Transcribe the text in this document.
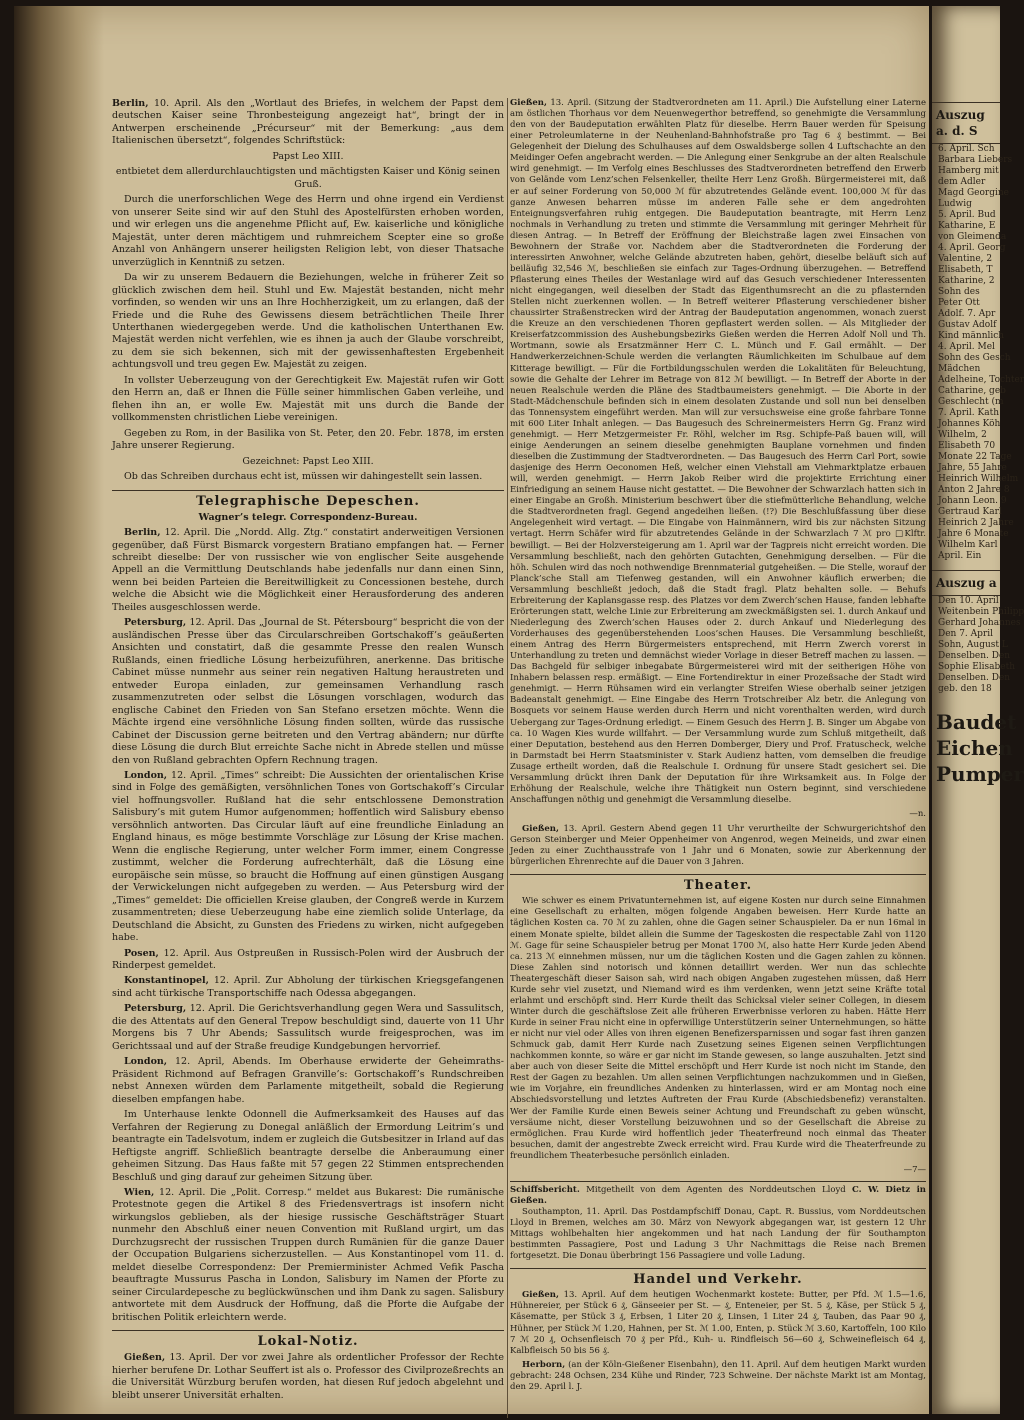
Berlin, 10. April. Als den „Wortlaut des Briefes, in welchem der Papst dem deutschen Kaiser seine Thronbesteigung angezeigt hat“, bringt der in Antwerpen erscheinende „Précurseur“ mit der Bemerkung: „aus dem Italienischen übersetzt“, folgendes Schriftstück:

Papst Leo XIII.

entbietet dem allerdurchlauchtigsten und mächtigsten Kaiser und König seinen Gruß.

Durch die unerforschlichen Wege des Herrn und ohne irgend ein Verdienst von unserer Seite sind wir auf den Stuhl des Apostelfürsten erhoben worden, und wir erlegen uns die angenehme Pflicht auf, Ew. kaiserliche und königliche Majestät, unter deren mächtigem und ruhmreichem Scepter eine so große Anzahl von Anhängern unserer heiligsten Religion lebt, von dieser Thatsache unverzüglich in Kenntniß zu setzen.

Da wir zu unserem Bedauern die Beziehungen, welche in früherer Zeit so glücklich zwischen dem heil. Stuhl und Ew. Majestät bestanden, nicht mehr vorfinden, so wenden wir uns an Ihre Hochherzigkeit, um zu erlangen, daß der Friede und die Ruhe des Gewissens diesem beträchtlichen Theile Ihrer Unterthanen wiedergegeben werde. Und die katholischen Unterthanen Ew. Majestät werden nicht verfehlen, wie es ihnen ja auch der Glaube vorschreibt, zu dem sie sich bekennen, sich mit der gewissenhaftesten Ergebenheit achtungsvoll und treu gegen Ew. Majestät zu zeigen.

In vollster Ueberzeugung von der Gerechtigkeit Ew. Majestät rufen wir Gott den Herrn an, daß er Ihnen die Fülle seiner himmlischen Gaben verleihe, und flehen ihn an, er wolle Ew. Majestät mit uns durch die Bande der vollkommensten christlichen Liebe vereinigen.

Gegeben zu Rom, in der Basilika von St. Peter, den 20. Febr. 1878, im ersten Jahre unserer Regierung.

Gezeichnet: Papst Leo XIII.

Ob das Schreiben durchaus echt ist, müssen wir dahingestellt sein lassen.

Telegraphische Depeschen.
Wagner’s telegr. Correspondenz-Bureau.

Berlin, 12. April. Die „Nordd. Allg. Ztg.“ constatirt anderweitigen Versionen gegenüber, daß Fürst Bismarck vorgestern Bratiano empfangen hat. — Ferner schreibt dieselbe: Der von russischer wie von englischer Seite ausgehende Appell an die Vermittlung Deutschlands habe jedenfalls nur dann einen Sinn, wenn bei beiden Parteien die Bereitwilligkeit zu Concessionen bestehe, durch welche die Absicht wie die Möglichkeit einer Herausforderung des anderen Theiles ausgeschlossen werde.

Petersburg, 12. April. Das „Journal de St. Pétersbourg“ bespricht die von der ausländischen Presse über das Circularschreiben Gortschakoff’s geäußerten Ansichten und constatirt, daß die gesammte Presse den realen Wunsch Rußlands, einen friedliche Lösung herbeizuführen, anerkenne. Das britische Cabinet müsse nunmehr aus seiner rein negativen Haltung heraustreten und entweder Europa einladen, zur gemeinsamen Verhandlung rasch zusammenzutreten oder selbst die Lösungen vorschlagen, wodurch das englische Cabinet den Frieden von San Stefano ersetzen möchte. Wenn die Mächte irgend eine versöhnliche Lösung finden sollten, würde das russische Cabinet der Discussion gerne beitreten und den Vertrag abändern; nur dürfte diese Lösung die durch Blut erreichte Sache nicht in Abrede stellen und müsse den von Rußland gebrachten Opfern Rechnung tragen.

London, 12. April. „Times“ schreibt: Die Aussichten der orientalischen Krise sind in Folge des gemäßigten, versöhnlichen Tones von Gortschakoff’s Circular viel hoffnungsvoller. Rußland hat die sehr entschlossene Demonstration Salisbury’s mit gutem Humor aufgenommen; hoffentlich wird Salisbury ebenso versöhnlich antworten. Das Circular läuft auf eine freundliche Einladung an England hinaus, es möge bestimmte Vorschläge zur Lösung der Krise machen. Wenn die englische Regierung, unter welcher Form immer, einem Congresse zustimmt, welcher die Forderung aufrechterhält, daß die Lösung eine europäische sein müsse, so braucht die Hoffnung auf einen günstigen Ausgang der Verwickelungen nicht aufgegeben zu werden. — Aus Petersburg wird der „Times“ gemeldet: Die officiellen Kreise glauben, der Congreß werde in Kurzem zusammentreten; diese Ueberzeugung habe eine ziemlich solide Unterlage, da Deutschland die Absicht, zu Gunsten des Friedens zu wirken, nicht aufgegeben habe.

Posen, 12. April. Aus Ostpreußen in Russisch-Polen wird der Ausbruch der Rinderpest gemeldet.

Konstantinopel, 12. April. Zur Abholung der türkischen Kriegsgefangenen sind acht türkische Transportschiffe nach Odessa abgegangen.

Petersburg, 12. April. Die Gerichtsverhandlung gegen Wera und Sassulitsch, die des Attentats auf den General Trepow beschuldigt sind, dauerte von 11 Uhr Morgens bis 7 Uhr Abends; Sassulitsch wurde freigesprochen, was im Gerichtssaal und auf der Straße freudige Kundgebungen hervorrief.

London, 12. April, Abends. Im Oberhause erwiderte der Geheimraths-Präsident Richmond auf Befragen Granville’s: Gortschakoff’s Rundschreiben nebst Annexen würden dem Parlamente mitgetheilt, sobald die Regierung dieselben empfangen habe.

Im Unterhause lenkte Odonnell die Aufmerksamkeit des Hauses auf das Verfahren der Regierung zu Donegal anläßlich der Ermordung Leitrim’s und beantragte ein Tadelsvotum, indem er zugleich die Gutsbesitzer in Irland auf das Heftigste angriff. Schließlich beantragte derselbe die Anberaumung einer geheimen Sitzung. Das Haus faßte mit 57 gegen 22 Stimmen entsprechenden Beschluß und ging darauf zur geheimen Sitzung über.

Wien, 12. April. Die „Polit. Corresp.“ meldet aus Bukarest: Die rumänische Protestnote gegen die Artikel 8 des Friedensvertrags ist insofern nicht wirkungslos geblieben, als der hiesige russische Geschäftsträger Stuart nunmehr den Abschluß einer neuen Convention mit Rußland urgirt, um das Durchzugsrecht der russischen Truppen durch Rumänien für die ganze Dauer der Occupation Bulgariens sicherzustellen. — Aus Konstantinopel vom 11. d. meldet dieselbe Correspondenz: Der Premierminister Achmed Vefik Pascha beauftragte Mussurus Pascha in London, Salisbury im Namen der Pforte zu seiner Circulardepesche zu beglückwünschen und ihm Dank zu sagen. Salisbury antwortete mit dem Ausdruck der Hoffnung, daß die Pforte die Aufgabe der britischen Politik erleichtern werde.

Lokal-Notiz.

Gießen, 13. April. Der vor zwei Jahre als ordentlicher Professor der Rechte hierher berufene Dr. Lothar Seuffert ist als o. Professor des Civilprozeßrechts an die Universität Würzburg berufen worden, hat diesen Ruf jedoch abgelehnt und bleibt unserer Universität erhalten.

Gießen, 13. April. (Sitzung der Stadtverordneten am 11. April.) Die Aufstellung einer Laterne am östlichen Thorhaus vor dem Neuenwegerthor betreffend, so genehmigte die Versammlung den von der Baudeputation erwählten Platz für dieselbe. Herrn Bauer werden für Speisung einer Petroleumlaterne in der Neuhenland-Bahnhofstraße pro Tag 6 ₰ bestimmt. — Bei Gelegenheit der Dielung des Schulhauses auf dem Oswaldsberge sollen 4 Luftschachte an den Meidinger Oefen angebracht werden. — Die Anlegung einer Senkgrube an der alten Realschule wird genehmigt. — Im Verfolg eines Beschlusses des Stadtverordneten betreffend den Erwerb von Gelände vom Lenz’schen Felsenkeller, theilte Herr Lenz Großh. Bürgermeisterei mit, daß er auf seiner Forderung von 50,000 ℳ für abzutretendes Gelände event. 100,000 ℳ für das ganze Anwesen beharren müsse im anderen Falle sehe er dem angedrohten Enteignungsverfahren ruhig entgegen. Die Baudeputation beantragte, mit Herrn Lenz nochmals in Verhandlung zu treten und stimmte die Versammlung mit geringer Mehrheit für diesen Antrag. — In Betreff der Eröffnung der Bleichstraße lagen zwei Einsachen von Bewohnern der Straße vor. Nachdem aber die Stadtverordneten die Forderung der interessirten Anwohner, welche Gelände abzutreten haben, gehört, dieselbe beläuft sich auf beiläufig 32,546 ℳ, beschließen sie einfach zur Tages-Ordnung überzugehen. — Betreffend Pflasterung eines Theiles der Westanlage wird auf das Gesuch verschiedener Interessenten nicht eingegangen, weil dieselben der Stadt das Eigenthumsrecht an die zu pflasternden Stellen nicht zuerkennen wollen. — In Betreff weiterer Pflasterung verschiedener bisher chaussirter Straßenstrecken wird der Antrag der Baudeputation angenommen, wonach zuerst die Kreuze an den verschiedenen Thoren gepflastert werden sollen. — Als Mitglieder der Kreiserfatzcommission des Aushebungsbezirks Gießen werden die Herren Adolf Noll und Th. Wortmann, sowie als Ersatzmänner Herr C. L. Münch und F. Gail ermählt. — Der Handwerkerzeichnen-Schule werden die verlangten Räumlichkeiten im Schulbaue auf dem Kitterage bewilligt. — Für die Fortbildungsschulen werden die Lokalitäten für Beleuchtung, sowie die Gehalte der Lehrer im Betrage von 812 ℳ bewilligt. — In Betreff der Aborte in der neuen Realschule werden die Pläne des Stadtbaumeisters genehmigt. — Die Aborte in der Stadt-Mädchenschule befinden sich in einem desolaten Zustande und soll nun bei denselben das Tonnensystem eingeführt werden. Man will zur versuchsweise eine große fahrbare Tonne mit 600 Liter Inhalt anlegen. — Das Baugesuch des Schreinermeisters Herrn Gg. Franz wird genehmigt. — Herr Metzgermeister Fr. Röhl, welcher im Rsg. Schipfe-Paß bauen will, will einige Aenderungen an seinem dieselbe genehmigten Bauplane vornehmen und finden dieselben die Zustimmung der Stadtverordneten. — Das Baugesuch des Herrn Carl Port, sowie dasjenige des Herrn Oeconomen Heß, welcher einen Viehstall am Viehmarktplatze erbauen will, werden genehmigt. — Herrn Jakob Reiber wird die projektirte Errichtung einer Einfriedigung an seinem Hause nicht gestattet. — Die Bewohner der Schwarzlach hatten sich in einer Eingabe an Großh. Ministerium beschwert über die stiefmütterliche Behandlung, welche die Stadtverordneten fragl. Gegend angedeihen ließen. (!?) Die Beschlußfassung über diese Angelegenheit wird vertagt. — Die Eingabe von Hainmännern, wird bis zur nächsten Sitzung vertagt. Herrn Schäfer wird für abzutretendes Gelände in der Schwarzlach 7 ℳ pro □Klftr. bewilligt. — Bei der Holzversteigerung am 1. April war der Tagpreis nicht erreicht worden. Die Versammlung beschließt, nach den gehörten Gutachten, Genehmigung derselben. — Für die höh. Schulen wird das noch nothwendige Brennmaterial gutgeheißen. — Die Stelle, worauf der Planck’sche Stall am Tiefenweg gestanden, will ein Anwohner käuflich erwerben; die Versammlung beschließt jedoch, daß die Stadt fragl. Platz behalten solle. — Behufs Erbreiterung der Kaplansgasse resp. des Platzes vor dem Zwerch’schen Hause, fanden lebhafte Erörterungen statt, welche Linie zur Erbreiterung am zweckmäßigsten sei. 1. durch Ankauf und Niederlegung des Zwerch’schen Hauses oder 2. durch Ankauf und Niederlegung des Vorderhauses des gegenüberstehenden Loos’schen Hauses. Die Versammlung beschließt, einem Antrag des Herrn Bürgermeisters entsprechend, mit Herrn Zwerch vorerst in Unterhandlung zu treten und demnächst wieder Vorlage in dieser Betreff machen zu lassen. — Das Bachgeld für selbiger inbegabate Bürgermeisterei wird mit der seitherigen Höhe von Inhabern belassen resp. ermäßigt. — Eine Fortendirektur in einer Prozeßsache der Stadt wird genehmigt. — Herrn Rühsamen wird ein verlangter Streifen Wiese oberhalb seiner jetzigen Badeanstalt genehmigt. — Eine Eingabe des Herrn Trotschreiber Alz betr. die Anlegung von Bosquets vor seinem Hause werden durch Herrn und nicht vorenthalten werden, wird durch Uebergang zur Tages-Ordnung erledigt. — Einem Gesuch des Herrn J. B. Singer um Abgabe von ca. 10 Wagen Kies wurde willfahrt. — Der Versammlung wurde zum Schluß mitgetheilt, daß einer Deputation, bestehend aus den Herren Domberger, Diery und Prof. Fratuscheck, welche in Darmstadt bei Herrn Staatsminister v. Stark Audienz hatten, vom demselben die freudige Zusage ertheilt worden, daß die Realschule I. Ordnung für unsere Stadt gesichert sei. Die Versammlung drückt ihren Dank der Deputation für ihre Wirksamkeit aus. In Folge der Erhöhung der Realschule, welche ihre Thätigkeit nun Ostern beginnt, sind verschiedene Anschaffungen nöthig und genehmigt die Versammlung dieselbe.

—n.

Gießen, 13. April. Gestern Abend gegen 11 Uhr verurtheilte der Schwurgerichtshof den Gerson Steinberger und Meier Oppenheimer von Angenrod, wegen Meineids, und zwar einen Jeden zu einer Zuchthausstrafe von 1 Jahr und 6 Monaten, sowie zur Aberkennung der bürgerlichen Ehrenrechte auf die Dauer von 3 Jahren.

Theater.

Wie schwer es einem Privatunternehmen ist, auf eigene Kosten nur durch seine Einnahmen eine Gesellschaft zu erhalten, mögen folgende Angaben beweisen. Herr Kurde hatte an täglichen Kosten ca. 70 ℳ zu zahlen, ohne die Gagen seiner Schauspieler. Da er nun 16mal in einem Monate spielte, bildet allein die Summe der Tageskosten die respectable Zahl von 1120 ℳ. Gage für seine Schauspieler betrug per Monat 1700 ℳ, also hatte Herr Kurde jeden Abend ca. 213 ℳ einnehmen müssen, nur um die täglichen Kosten und die Gagen zahlen zu können. Diese Zahlen sind notorisch und können detaillirt werden. Wer nun das schlechte Theatergeschäft dieser Saison sah, wird nach obigen Angaben zugestehen müssen, daß Herr Kurde sehr viel zusetzt, und Niemand wird es ihm verdenken, wenn jetzt seine Kräfte total erlahmt und erschöpft sind. Herr Kurde theilt das Schicksal vieler seiner Collegen, in diesem Winter durch die geschäftslose Zeit alle früheren Erwerbnisse verloren zu haben. Hätte Herr Kurde in seiner Frau nicht eine in opferwillige Unterstützerin seiner Unternehmungen, so hätte er nicht nur viel oder Alles von ihren eigenen Benefizersparnissen und sogar fast ihren ganzen Schmuck gab, damit Herr Kurde nach Zusetzung seines Eigenen seinen Verpflichtungen nachkommen konnte, so wäre er gar nicht im Stande gewesen, so lange auszuhalten. Jetzt sind aber auch von dieser Seite die Mittel erschöpft und Herr Kurde ist noch nicht im Stande, den Rest der Gagen zu bezahlen. Um allen seinen Verpflichtungen nachzukommen und in Gießen, wie im Vorjahre, ein freundliches Andenken zu hinterlassen, wird er am Montag noch eine Abschiedsvorstellung und letztes Auftreten der Frau Kurde (Abschiedsbenefiz) veranstalten. Wer der Familie Kurde einen Beweis seiner Achtung und Freundschaft zu geben wünscht, versäume nicht, dieser Vorstellung beizuwohnen und so der Gesellschaft die Abreise zu ermöglichen. Frau Kurde wird hoffentlich jeder Theaterfreund noch einmal das Theater besuchen, damit der angestrebte Zweck erreicht wird. Frau Kurde wird die Theaterfreunde zu freundlichem Theaterbesuche persönlich einladen.

—7—
Schiffsbericht. Mitgetheilt von dem Agenten des Norddeutschen Lloyd C. W. Dietz in Gießen.

Southampton, 11. April. Das Postdampfschiff Donau, Capt. R. Bussius, vom Norddeutschen Lloyd in Bremen, welches am 30. März von Newyork abgegangen war, ist gestern 12 Uhr Mittags wohlbehalten hier angekommen und hat nach Landung der für Southampton bestimmten Passagiere, Post und Ladung 3 Uhr Nachmittags die Reise nach Bremen fortgesetzt. Die Donau überbringt 156 Passagiere und volle Ladung.

Handel und Verkehr.

Gießen, 13. April. Auf dem heutigen Wochenmarkt kostete: Butter, per Pfd. ℳ 1.5—1.6, Hühnereier, per Stück 6 ₰, Gänseeier per St. — ₰, Enteneier, per St. 5 ₰, Käse, per Stück 5 ₰, Käsematte, per Stück 3 ₰, Erbsen, 1 Liter 20 ₰, Linsen, 1 Liter 24 ₰, Tauben, das Paar 90 ₰, Hühner, per Stück ℳ 1.20, Hahnen, per St. ℳ 1.00, Enten, p. Stück ℳ 3.60, Kartoffeln, 100 Kilo 7 ℳ 20 ₰, Ochsenfleisch 70 ₰ per Pfd., Kuh- u. Rindfleisch 56—60 ₰, Schweinefleisch 64 ₰, Kalbfleisch 50 bis 56 ₰.

Herborn, (an der Köln-Gießener Eisenbahn), den 11. April. Auf dem heutigen Markt wurden gebracht: 248 Ochsen, 234 Kühe und Rinder, 723 Schweine. Der nächste Markt ist am Montag, den 29. April l. J.

Auszug a. d. S
6. April. Sch
Barbara Liebers
Hamberg mit
dem Adler
Magd Georgine
Ludwig
5. April. Bud
Katharine, E
von Gleimenda
4. April. Georg
Valentine, 2
Elisabeth, T
Katharine, 2
Sohn des
Peter Ott
Adolf. 7. Apr
Gustav Adolf
Kind männlich
4. April. Mel
Sohn des Gesch
Mädchen
Adelheine, Tochter
Catharine, geb
Geschlecht (m
7. April. Kath
Johannes Köh
Wilhelm, 2
Elisabeth 70
Monate 22 Tage
Jahre, 55 Jahre
Heinrich Wilhelm
Anton 2 Jahre 8
Johann Leon. 9
Gertraud Karl
Heinrich 2 Jahre
Jahre 6 Monate
Wilhelm Karl
April. Ein
Auszug a
Den 10. April
Weitenbein Philipp
Gerhard Johannes
Den 7. April
Sohn, August L
Denselben. Den
Sophie Elisabeth
Denselben. Den
geb. den 18
Baudet
Eichen
Pumper
